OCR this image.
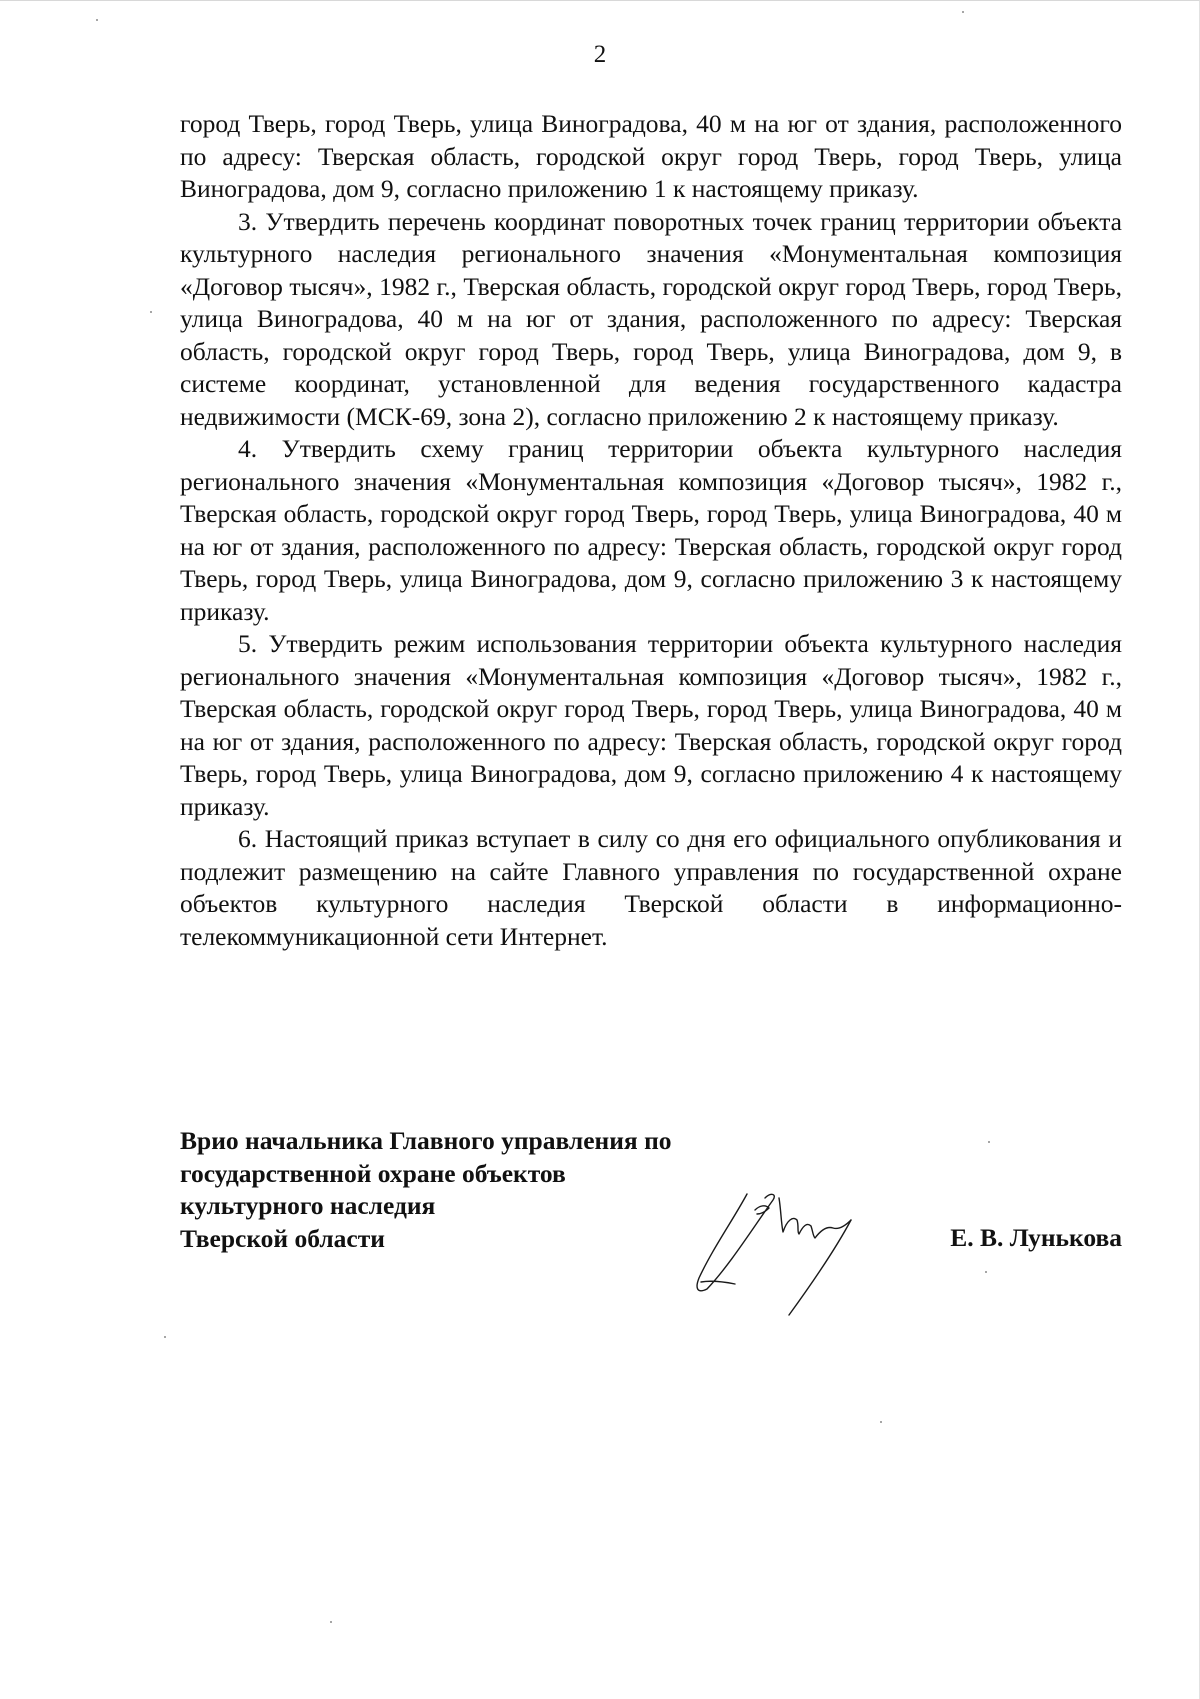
2

город Тверь, город Тверь, улица Виноградова, 40 м на юг от здания, расположенного по адресу: Тверская область, городской округ город Тверь, город Тверь, улица Виноградова, дом 9, согласно приложению 1 к настоящему приказу.

3. Утвердить перечень координат поворотных точек границ территории объекта культурного наследия регионального значения «Монументальная композиция «Договор тысяч», 1982 г., Тверская область, городской округ город Тверь, город Тверь, улица Виноградова, 40 м на юг от здания, расположенного по адресу: Тверская область, городской округ город Тверь, город Тверь, улица Виноградова, дом 9, в системе координат, установленной для ведения государственного кадастра недвижимости (МСК-69, зона 2), согласно приложению 2 к настоящему приказу.

4. Утвердить схему границ территории объекта культурного наследия регионального значения «Монументальная композиция «Договор тысяч», 1982 г., Тверская область, городской округ город Тверь, город Тверь, улица Виноградова, 40 м на юг от здания, расположенного по адресу: Тверская область, городской округ город Тверь, город Тверь, улица Виноградова, дом 9, согласно приложению 3 к настоящему приказу.

5. Утвердить режим использования территории объекта культурного наследия регионального значения «Монументальная композиция «Договор тысяч», 1982 г., Тверская область, городской округ город Тверь, город Тверь, улица Виноградова, 40 м на юг от здания, расположенного по адресу: Тверская область, городской округ город Тверь, город Тверь, улица Виноградова, дом 9, согласно приложению 4 к настоящему приказу.

6. Настоящий приказ вступает в силу со дня его официального опубликования и подлежит размещению на сайте Главного управления по государственной охране объектов культурного наследия Тверской области в информационно-телекоммуникационной сети Интернет.

Врио начальника Главного управления по
государственной охране объектов
культурного наследия
Тверской области	Е. В. Лунькова
